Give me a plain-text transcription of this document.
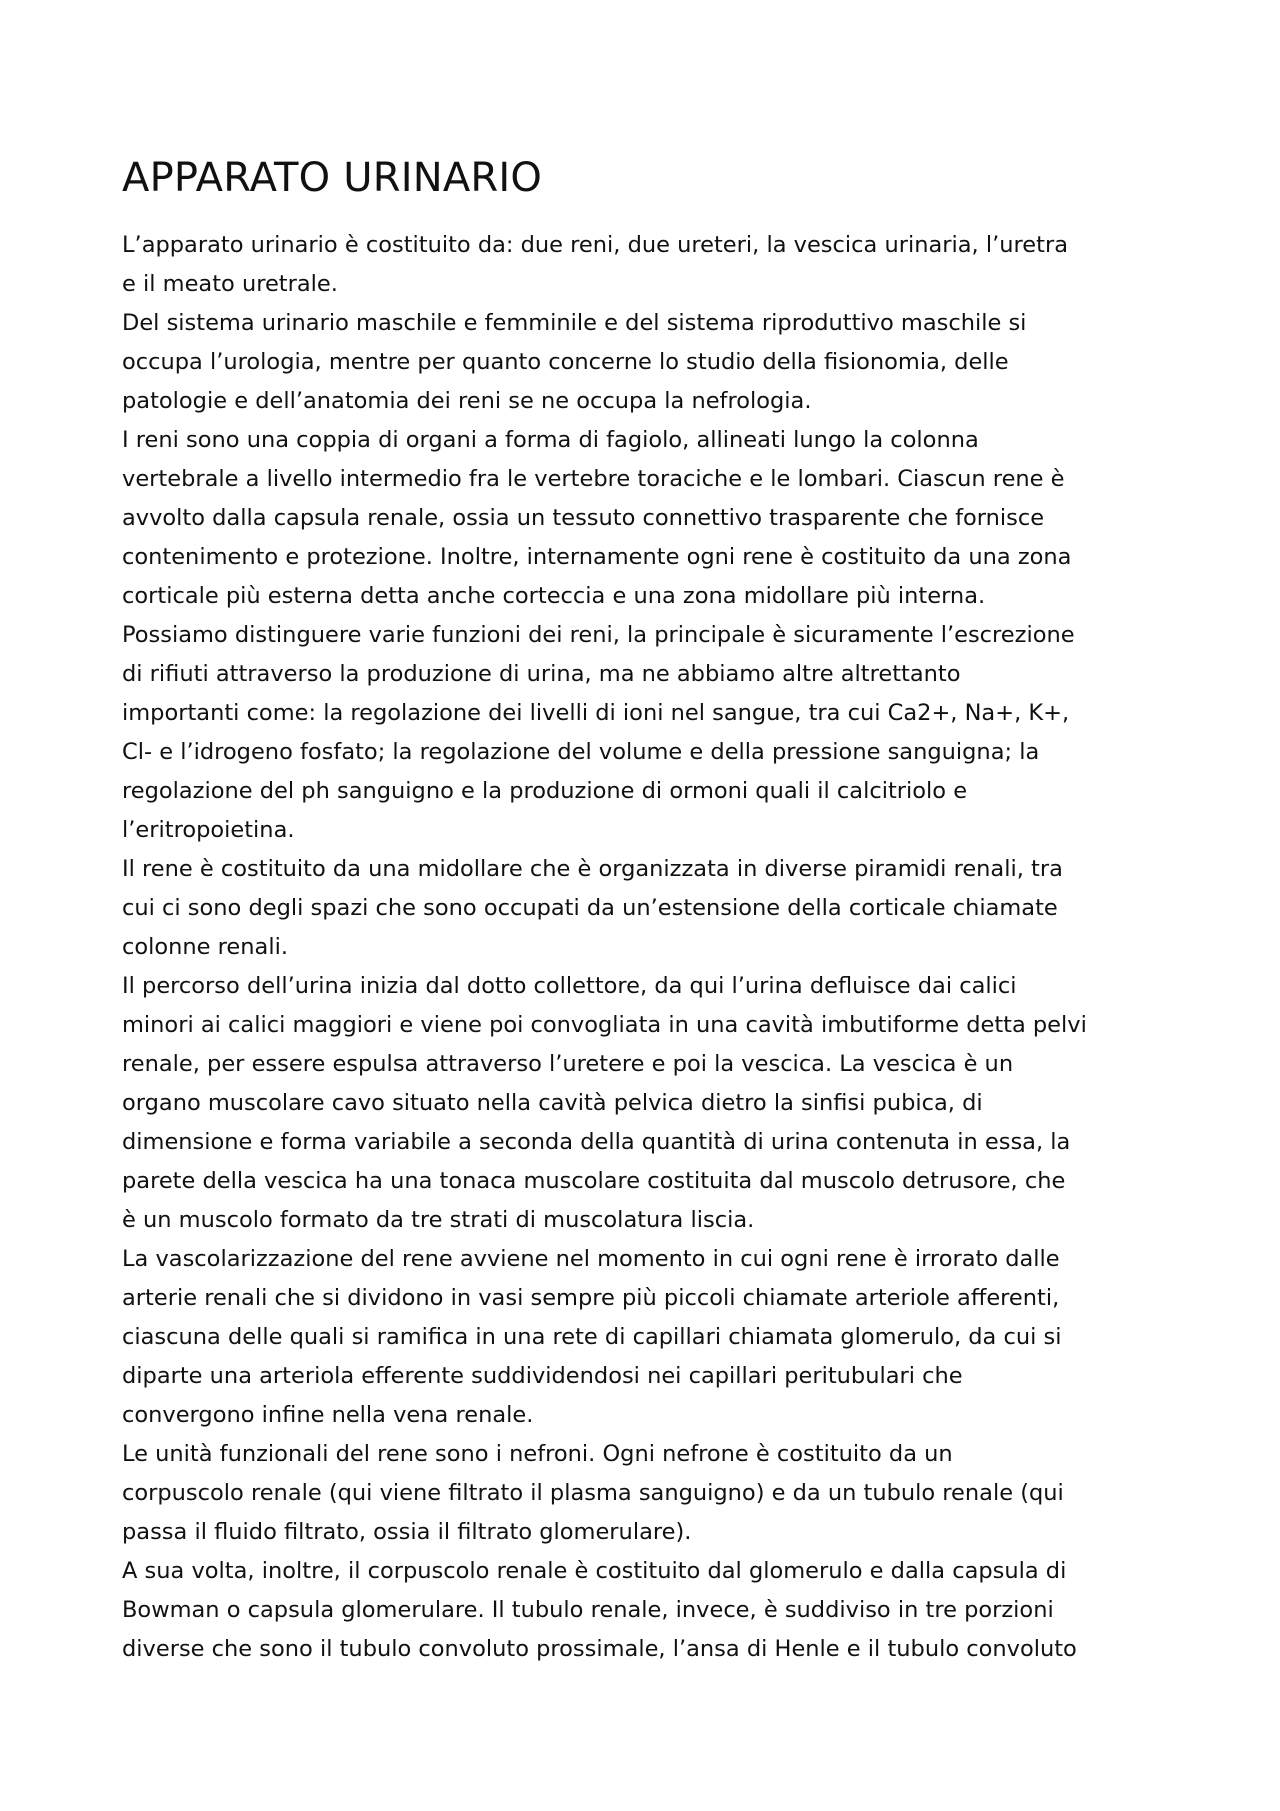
APPARATO URINARIO
L’apparato urinario è costituito da: due reni, due ureteri, la vescica urinaria, l’uretra
e il meato uretrale.
Del sistema urinario maschile e femminile e del sistema riproduttivo maschile si
occupa l’urologia, mentre per quanto concerne lo studio della fisionomia, delle
patologie e dell’anatomia dei reni se ne occupa la nefrologia.
I reni sono una coppia di organi a forma di fagiolo, allineati lungo la colonna
vertebrale a livello intermedio fra le vertebre toraciche e le lombari. Ciascun rene è
avvolto dalla capsula renale, ossia un tessuto connettivo trasparente che fornisce
contenimento e protezione. Inoltre, internamente ogni rene è costituito da una zona
corticale più esterna detta anche corteccia e una zona midollare più interna.
Possiamo distinguere varie funzioni dei reni, la principale è sicuramente l’escrezione
di rifiuti attraverso la produzione di urina, ma ne abbiamo altre altrettanto
importanti come: la regolazione dei livelli di ioni nel sangue, tra cui Ca2+, Na+, K+,
Cl- e l’idrogeno fosfato; la regolazione del volume e della pressione sanguigna; la
regolazione del ph sanguigno e la produzione di ormoni quali il calcitriolo e
l’eritropoietina.
Il rene è costituito da una midollare che è organizzata in diverse piramidi renali, tra
cui ci sono degli spazi che sono occupati da un’estensione della corticale chiamate
colonne renali.
Il percorso dell’urina inizia dal dotto collettore, da qui l’urina defluisce dai calici
minori ai calici maggiori e viene poi convogliata in una cavità imbutiforme detta pelvi
renale, per essere espulsa attraverso l’uretere e poi la vescica. La vescica è un
organo muscolare cavo situato nella cavità pelvica dietro la sinfisi pubica, di
dimensione e forma variabile a seconda della quantità di urina contenuta in essa, la
parete della vescica ha una tonaca muscolare costituita dal muscolo detrusore, che
è un muscolo formato da tre strati di muscolatura liscia.
La vascolarizzazione del rene avviene nel momento in cui ogni rene è irrorato dalle
arterie renali che si dividono in vasi sempre più piccoli chiamate arteriole afferenti,
ciascuna delle quali si ramifica in una rete di capillari chiamata glomerulo, da cui si
diparte una arteriola efferente suddividendosi nei capillari peritubulari che
convergono infine nella vena renale.
Le unità funzionali del rene sono i nefroni. Ogni nefrone è costituito da un
corpuscolo renale (qui viene filtrato il plasma sanguigno) e da un tubulo renale (qui
passa il fluido filtrato, ossia il filtrato glomerulare).
A sua volta, inoltre, il corpuscolo renale è costituito dal glomerulo e dalla capsula di
Bowman o capsula glomerulare. Il tubulo renale, invece, è suddiviso in tre porzioni
diverse che sono il tubulo convoluto prossimale, l’ansa di Henle e il tubulo convoluto
